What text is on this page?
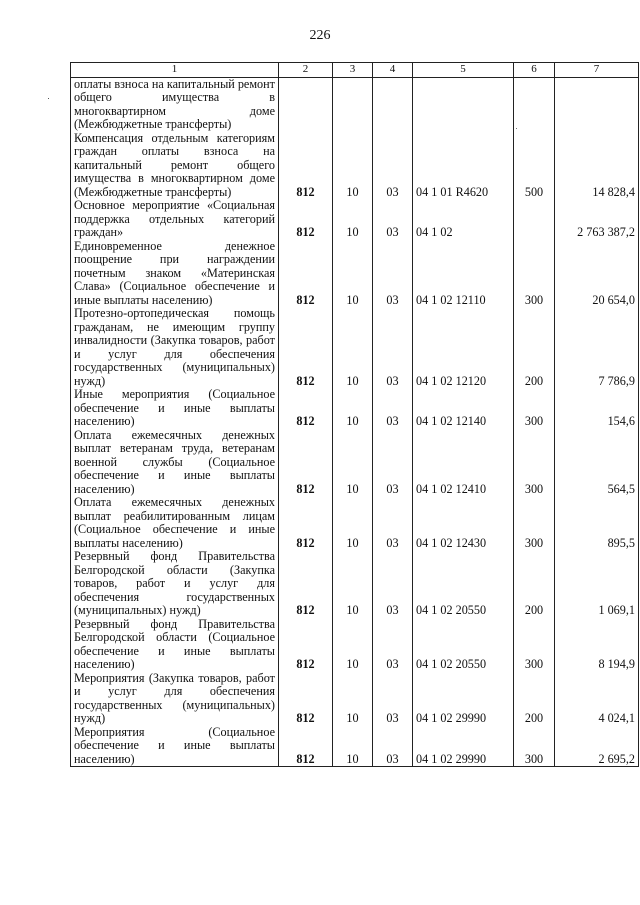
226
1	2	3	4	5	6	7
оплаты взноса на капитальный ремонт общего имущества в многоквартирном доме (Межбюджетные трансферты)						
Компенсация отдельным категориям граждан оплаты взноса на капитальный ремонт общего имущества в многоквартирном доме (Межбюджетные трансферты)	812	10	03	04 1 01 R4620	500	14 828,4
Основное мероприятие «Социальная поддержка отдельных категорий граждан»	812	10	03	04 1 02		2 763 387,2
Единовременное денежное поощрение при награждении почетным знаком «Материнская Слава» (Социальное обеспечение и иные выплаты населению)	812	10	03	04 1 02 12110	300	20 654,0
Протезно-ортопедическая помощь гражданам, не имеющим группу инвалидности (Закупка товаров, работ и услуг для обеспечения государственных (муниципальных) нужд)	812	10	03	04 1 02 12120	200	7 786,9
Иные мероприятия (Социальное обеспечение и иные выплаты населению)	812	10	03	04 1 02 12140	300	154,6
Оплата ежемесячных денежных выплат ветеранам труда, ветеранам военной службы (Социальное обеспечение и иные выплаты населению)	812	10	03	04 1 02 12410	300	564,5
Оплата ежемесячных денежных выплат реабилитированным лицам (Социальное обеспечение и иные выплаты населению)	812	10	03	04 1 02 12430	300	895,5
Резервный фонд Правительства Белгородской области (Закупка товаров, работ и услуг для обеспечения государственных (муниципальных) нужд)	812	10	03	04 1 02 20550	200	1 069,1
Резервный фонд Правительства Белгородской области (Социальное обеспечение и иные выплаты населению)	812	10	03	04 1 02 20550	300	8 194,9
Мероприятия (Закупка товаров, работ и услуг для обеспечения государственных (муниципальных) нужд)	812	10	03	04 1 02 29990	200	4 024,1
Мероприятия (Социальное обеспечение и иные выплаты населению)	812	10	03	04 1 02 29990	300	2 695,2
